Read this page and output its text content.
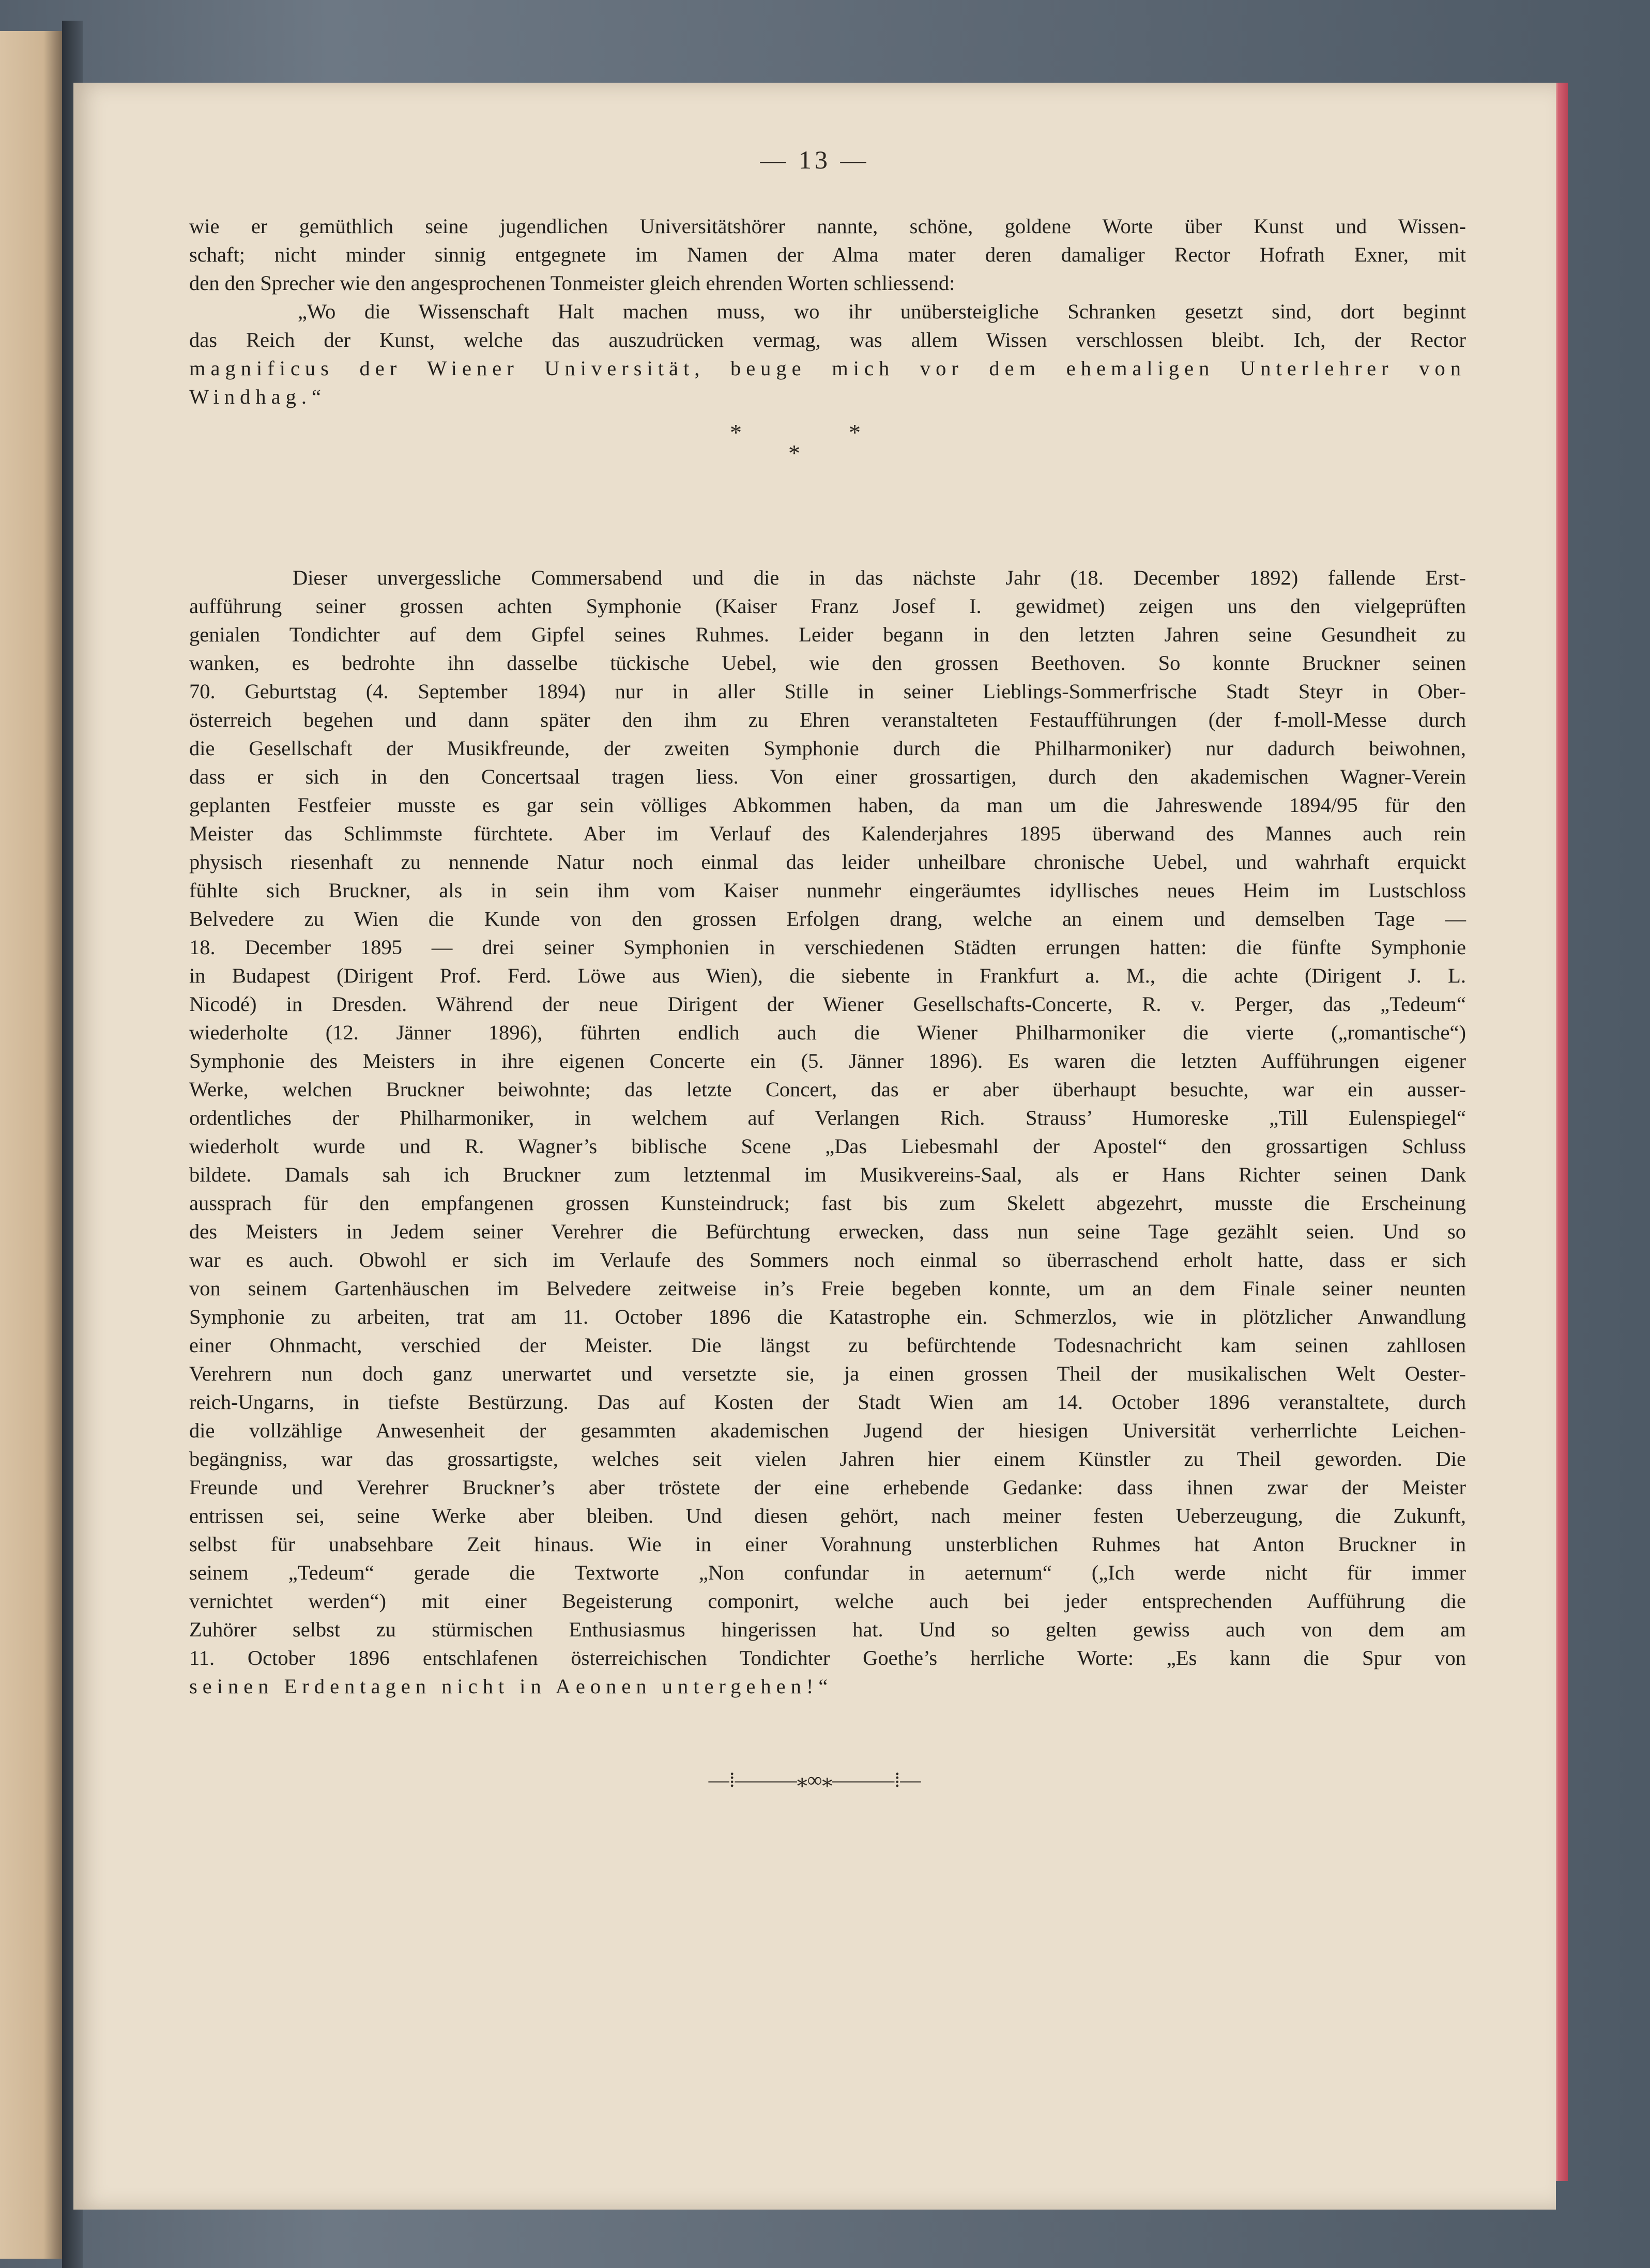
— 13 —
wie er gemüthlich seine jugendlichen Universitätshörer nannte, schöne, goldene Worte über Kunst und Wissen-
schaft; nicht minder sinnig entgegnete im Namen der Alma mater deren damaliger Rector Hofrath Exner, mit
den den Sprecher wie den angesprochenen Tonmeister gleich ehrenden Worten schliessend:
„Wo die Wissenschaft Halt machen muss, wo ihr unübersteigliche Schranken gesetzt sind, dort beginnt
das Reich der Kunst, welche das auszudrücken vermag, was allem Wissen verschlossen bleibt. Ich, der Rector
magnificus der Wiener Universität, beuge mich vor dem ehemaligen Unterlehrer von
Windhag.“
*	*
*
Dieser unvergessliche Commersabend und die in das nächste Jahr (18. December 1892) fallende Erst-
aufführung seiner grossen achten Symphonie (Kaiser Franz Josef I. gewidmet) zeigen uns den vielgeprüften
genialen Tondichter auf dem Gipfel seines Ruhmes. Leider begann in den letzten Jahren seine Gesundheit zu
wanken, es bedrohte ihn dasselbe tückische Uebel, wie den grossen Beethoven. So konnte Bruckner seinen
70. Geburtstag (4. September 1894) nur in aller Stille in seiner Lieblings-Sommerfrische Stadt Steyr in Ober-
österreich begehen und dann später den ihm zu Ehren veranstalteten Festaufführungen (der f-moll-Messe durch
die Gesellschaft der Musikfreunde, der zweiten Symphonie durch die Philharmoniker) nur dadurch beiwohnen,
dass er sich in den Concertsaal tragen liess. Von einer grossartigen, durch den akademischen Wagner-Verein
geplanten Festfeier musste es gar sein völliges Abkommen haben, da man um die Jahreswende 1894/95 für den
Meister das Schlimmste fürchtete. Aber im Verlauf des Kalenderjahres 1895 überwand des Mannes auch rein
physisch riesenhaft zu nennende Natur noch einmal das leider unheilbare chronische Uebel, und wahrhaft erquickt
fühlte sich Bruckner, als in sein ihm vom Kaiser nunmehr eingeräumtes idyllisches neues Heim im Lustschloss
Belvedere zu Wien die Kunde von den grossen Erfolgen drang, welche an einem und demselben Tage —
18. December 1895 — drei seiner Symphonien in verschiedenen Städten errungen hatten: die fünfte Symphonie
in Budapest (Dirigent Prof. Ferd. Löwe aus Wien), die siebente in Frankfurt a. M., die achte (Dirigent J. L.
Nicodé) in Dresden. Während der neue Dirigent der Wiener Gesellschafts-Concerte, R. v. Perger, das „Tedeum“
wiederholte (12. Jänner 1896), führten endlich auch die Wiener Philharmoniker die vierte („romantische“)
Symphonie des Meisters in ihre eigenen Concerte ein (5. Jänner 1896). Es waren die letzten Aufführungen eigener
Werke, welchen Bruckner beiwohnte; das letzte Concert, das er aber überhaupt besuchte, war ein ausser-
ordentliches der Philharmoniker, in welchem auf Verlangen Rich. Strauss’ Humoreske „Till Eulenspiegel“
wiederholt wurde und R. Wagner’s biblische Scene „Das Liebesmahl der Apostel“ den grossartigen Schluss
bildete. Damals sah ich Bruckner zum letztenmal im Musikvereins-Saal, als er Hans Richter seinen Dank
aussprach für den empfangenen grossen Kunsteindruck; fast bis zum Skelett abgezehrt, musste die Erscheinung
des Meisters in Jedem seiner Verehrer die Befürchtung erwecken, dass nun seine Tage gezählt seien. Und so
war es auch. Obwohl er sich im Verlaufe des Sommers noch einmal so überraschend erholt hatte, dass er sich
von seinem Gartenhäuschen im Belvedere zeitweise in’s Freie begeben konnte, um an dem Finale seiner neunten
Symphonie zu arbeiten, trat am 11. October 1896 die Katastrophe ein. Schmerzlos, wie in plötzlicher Anwandlung
einer Ohnmacht, verschied der Meister. Die längst zu befürchtende Todesnachricht kam seinen zahllosen
Verehrern nun doch ganz unerwartet und versetzte sie, ja einen grossen Theil der musikalischen Welt Oester-
reich-Ungarns, in tiefste Bestürzung. Das auf Kosten der Stadt Wien am 14. October 1896 veranstaltete, durch
die vollzählige Anwesenheit der gesammten akademischen Jugend der hiesigen Universität verherrlichte Leichen-
begängniss, war das grossartigste, welches seit vielen Jahren hier einem Künstler zu Theil geworden. Die
Freunde und Verehrer Bruckner’s aber tröstete der eine erhebende Gedanke: dass ihnen zwar der Meister
entrissen sei, seine Werke aber bleiben. Und diesen gehört, nach meiner festen Ueberzeugung, die Zukunft,
selbst für unabsehbare Zeit hinaus. Wie in einer Vorahnung unsterblichen Ruhmes hat Anton Bruckner in
seinem „Tedeum“ gerade die Textworte „Non confundar in aeternum“ („Ich werde nicht für immer
vernichtet werden“) mit einer Begeisterung componirt, welche auch bei jeder entsprechenden Aufführung die
Zuhörer selbst zu stürmischen Enthusiasmus hingerissen hat. Und so gelten gewiss auch von dem am
11. October 1896 entschlafenen österreichischen Tondichter Goethe’s herrliche Worte: „Es kann die Spur von
seinen Erdentagen nicht in Aeonen untergehen!“
—⁞———⁎⁠∞⁠⁎———⁞—
